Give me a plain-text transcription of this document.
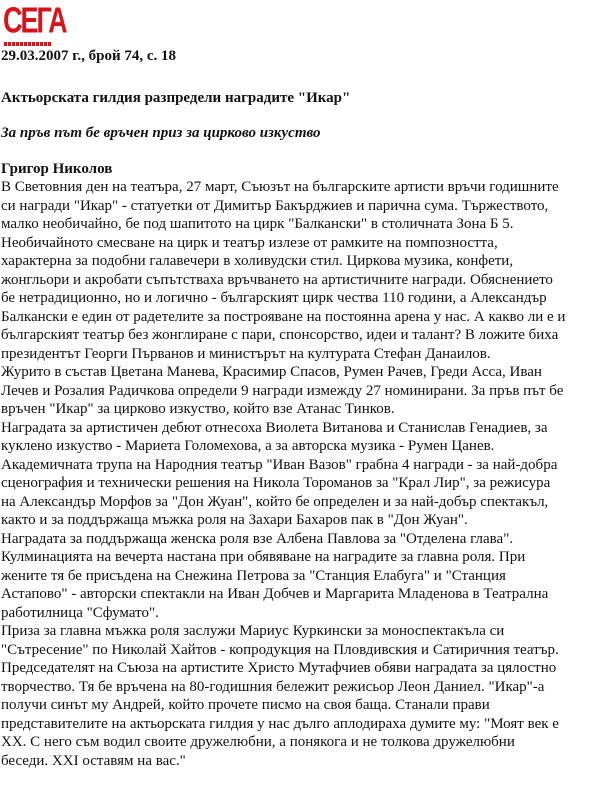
СЕГА
29.03.2007 г., брой 74, с. 18
Актьорската гилдия разпредели наградите "Икар"
За пръв път бе връчен приз за цирково изкуство
Григор Николов
В Световния ден на театъра, 27 март, Съюзът на българските артисти връчи годишните
си награди "Икар" - статуетки от Димитър Бакърджиев и парична сума. Тържеството,
малко необичайно, бе под шапитото на цирк "Балкански" в столичната Зона Б 5.
Необичайното смесване на цирк и театър излезе от рамките на помпозността,
характерна за подобни галавечери в холивудски стил. Циркова музика, конфети,
жонгльори и акробати съпътстваха връчването на артистичните награди. Обяснението
бе нетрадиционно, но и логично - българският цирк чества 110 години, а Александър
Балкански е един от радетелите за построяване на постоянна арена у нас. А какво ли е и
българският театър без жонглиране с пари, спонсорство, идеи и талант? В ложите биха
президентът Георги Първанов и министърът на културата Стефан Данаилов.
Журито в състав Цветана Манева, Красимир Спасов, Румен Рачев, Греди Асса, Иван
Лечев и Розалия Радичкова определи 9 награди измежду 27 номинирани. За пръв път бе
връчен "Икар" за цирково изкуство, който взе Атанас Тинков.
Наградата за артистичен дебют отнесоха Виолета Витанова и Станислав Генадиев, за
куклено изкуство - Мариета Голомехова, а за авторска музика - Румен Цанев.
Академичната трупа на Народния театър "Иван Вазов" грабна 4 награди - за най-добра
сценография и технически решения на Никола Тороманов за "Крал Лир", за режисура
на Александър Морфов за "Дон Жуан", който бе определен и за най-добър спектакъл,
както и за поддържаща мъжка роля на Захари Бахаров пак в "Дон Жуан".
Наградата за поддържаща женска роля взе Албена Павлова за "Отделена глава".
Кулминацията на вечерта настана при обявяване на наградите за главна роля. При
жените тя бе присъдена на Снежина Петрова за "Станция Елабуга" и "Станция
Астапово" - авторски спектакли на Иван Добчев и Маргарита Младенова в Театрална
работилница "Сфумато".
Приза за главна мъжка роля заслужи Мариус Куркински за моноспектакъла си
"Сътресение" по Николай Хайтов - копродукция на Пловдивския и Сатиричния театър.
Председателят на Съюза на артистите Христо Мутафчиев обяви наградата за цялостно
творчество. Тя бе връчена на 80-годишния бележит режисьор Леон Даниел. "Икар"-а
получи синът му Андрей, който прочете писмо на своя баща. Станали прави
представителите на актьорската гилдия у нас дълго аплодираха думите му: "Моят век е
XX. С него съм водил своите дружелюбни, а понякога и не толкова дружелюбни
беседи. XXI оставям на вас."
